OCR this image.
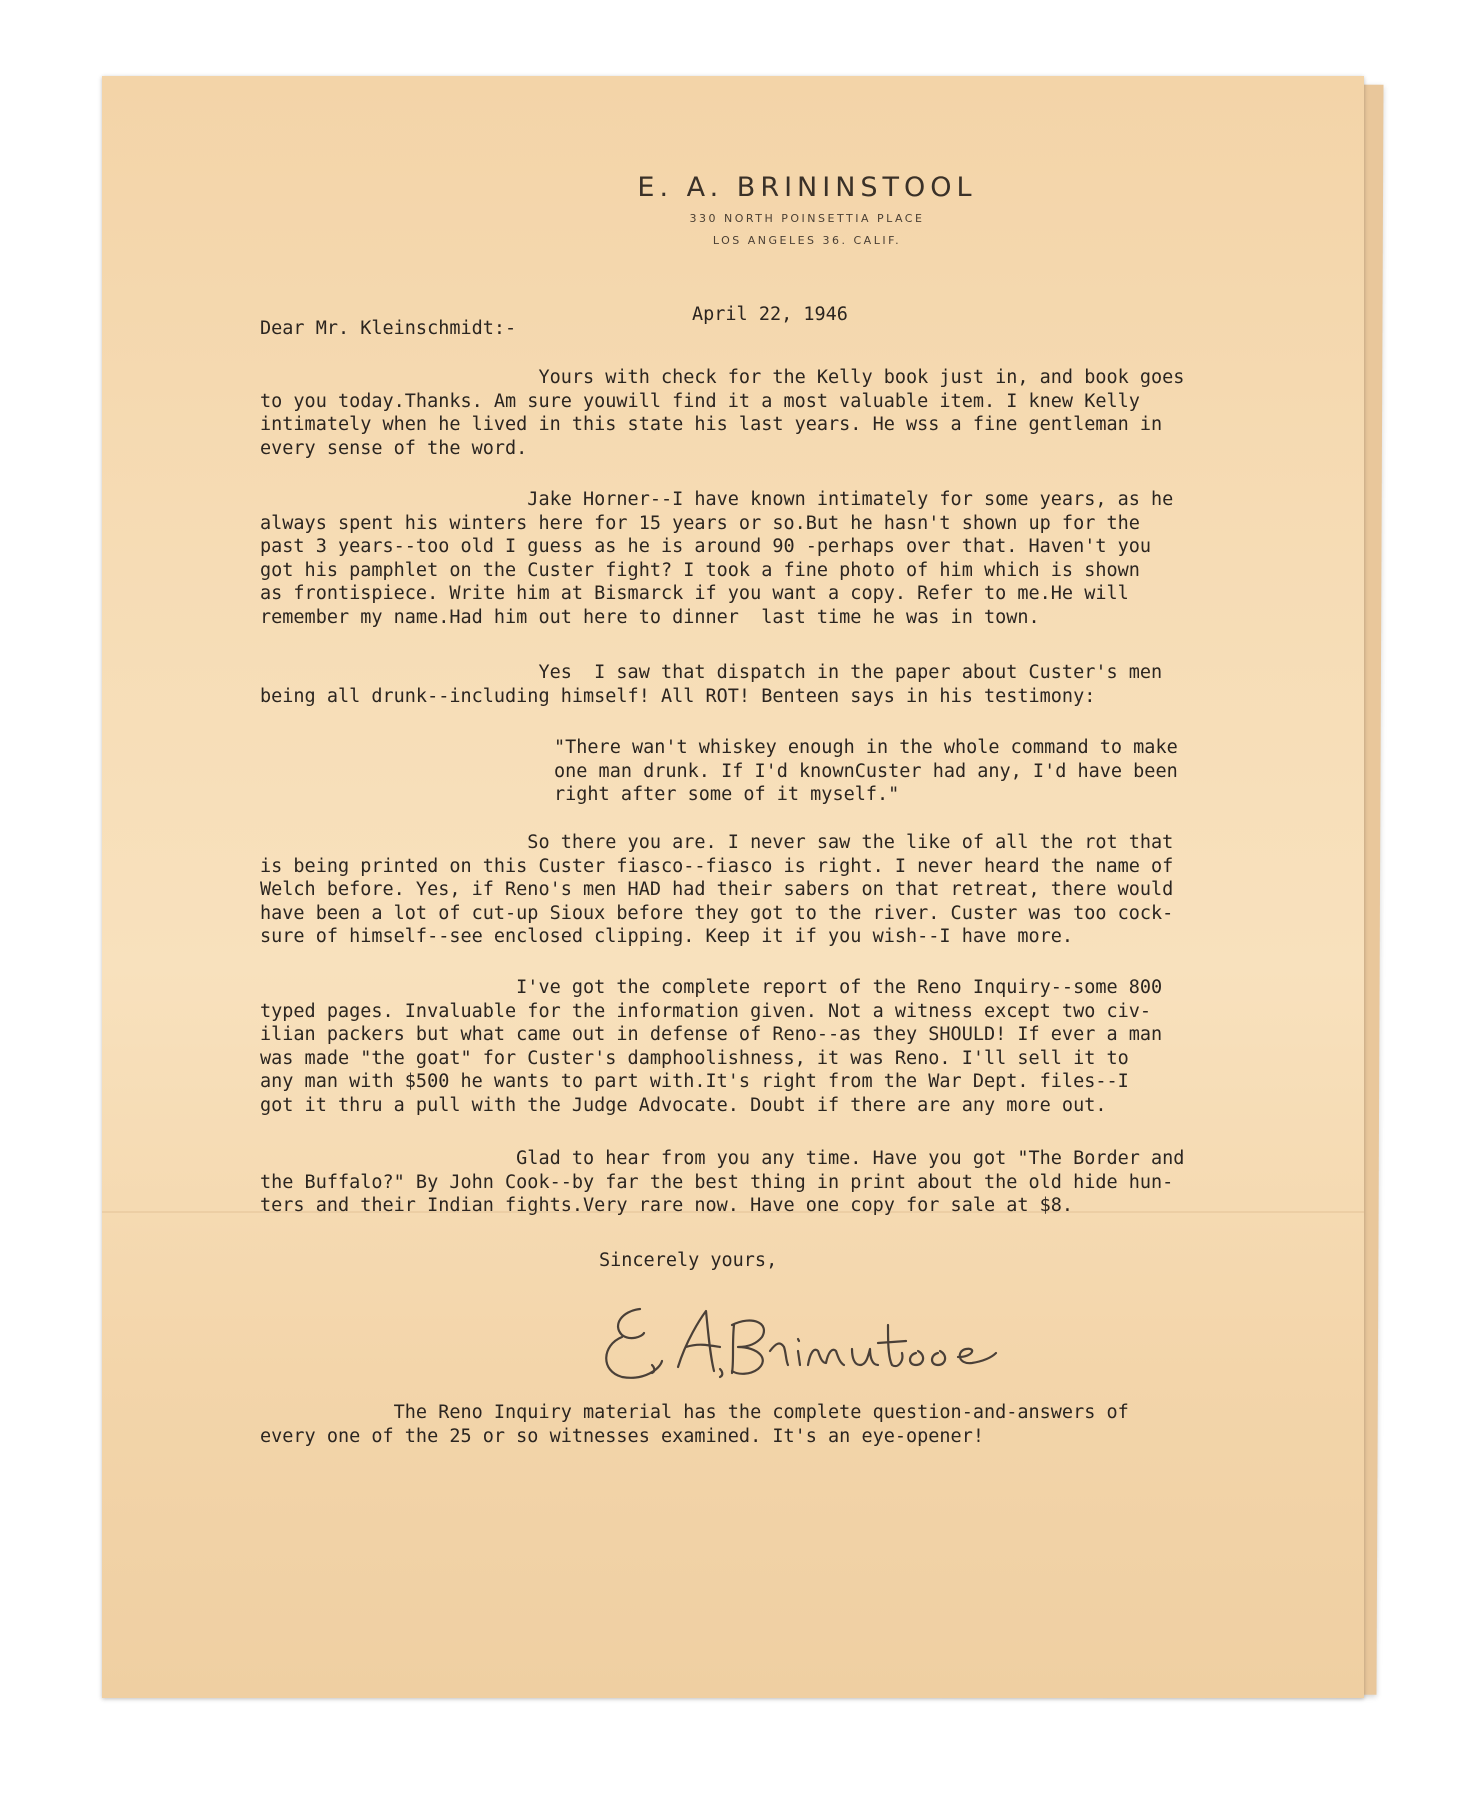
E. A. BRININSTOOL
330 NORTH POINSETTIA PLACE
LOS ANGELES 36. CALIF.
April 22, 1946
Dear Mr. Kleinschmidt:-
Yours with check for the Kelly book just in, and book goes
to you today.Thanks. Am sure youwill find it a most valuable item. I knew Kelly
intimately when he lived in this state his last years. He wss a fine gentleman in
every sense of the word.
Jake Horner--I have known intimately for some years, as he
always spent his winters here for 15 years or so.But he hasn't shown up for the
past 3 years--too old I guess as he is around 90 -perhaps over that. Haven't you
got his pamphlet on the Custer fight? I took a fine photo of him which is shown
as frontispiece. Write him at Bismarck if you want a copy. Refer to me.He will
remember my name.Had him out here to dinner  last time he was in town.
Yes  I saw that dispatch in the paper about Custer's men
being all drunk--including himself! All ROT! Benteen says in his testimony:
"There wan't whiskey enough in the whole command to make
one man drunk. If I'd knownCuster had any, I'd have been
right after some of it myself."
So there you are. I never saw the like of all the rot that
is being printed on this Custer fiasco--fiasco is right. I never heard the name of
Welch before. Yes, if Reno's men HAD had their sabers on that retreat, there would
have been a lot of cut-up Sioux before they got to the river. Custer was too cock-
sure of himself--see enclosed clipping. Keep it if you wish--I have more.
I've got the complete report of the Reno Inquiry--some 800
typed pages. Invaluable for the information given. Not a witness except two civ-
ilian packers but what came out in defense of Reno--as they SHOULD! If ever a man
was made "the goat" for Custer's damphoolishness, it was Reno. I'll sell it to
any man with $500 he wants to part with.It's right from the War Dept. files--I
got it thru a pull with the Judge Advocate. Doubt if there are any more out.
Glad to hear from you any time. Have you got "The Border and
the Buffalo?" By John Cook--by far the best thing in print about the old hide hun-
ters and their Indian fights.Very rare now. Have one copy for sale at $8.
Sincerely yours,
The Reno Inquiry material has the complete question-and-answers of
every one of the 25 or so witnesses examined. It's an eye-opener!
